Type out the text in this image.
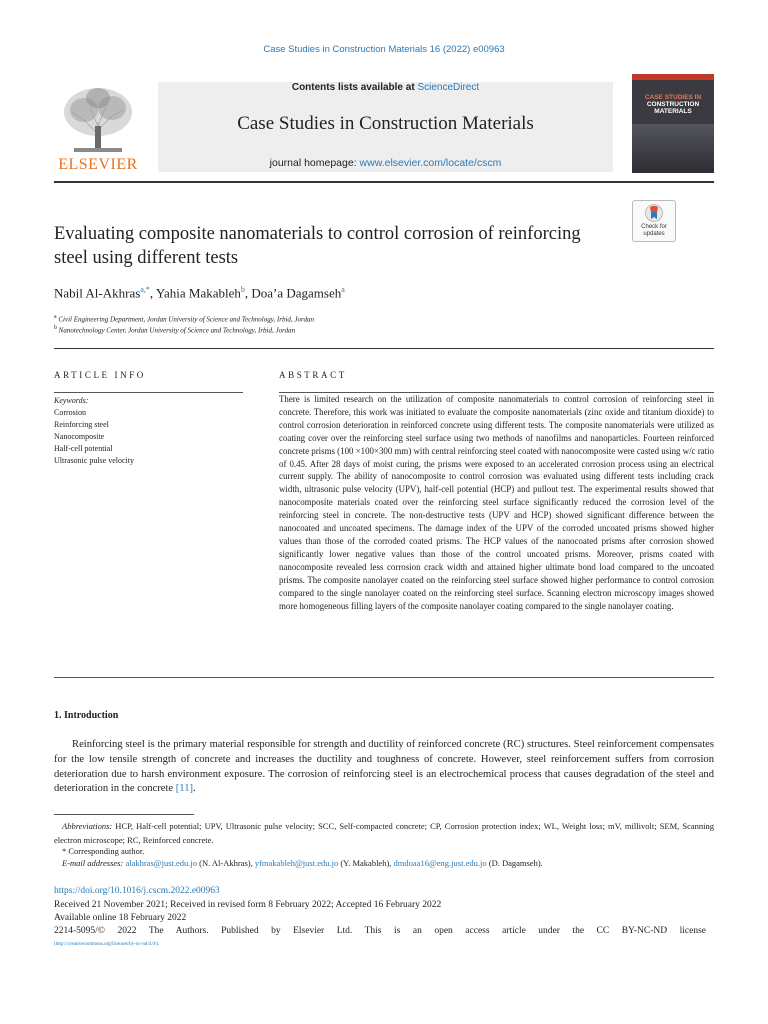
Case Studies in Construction Materials 16 (2022) e00963
ELSEVIER
Contents lists available at ScienceDirect
Case Studies in Construction Materials
journal homepage: www.elsevier.com/locate/cscm
CASE STUDIES IN
CONSTRUCTION MATERIALS
Check for updates
Evaluating composite nanomaterials to control corrosion of reinforcing steel using different tests
Nabil Al-Akhras$^{a,*}$, Yahia Makableh$^b$, Doa’a Dagamseh$^a$
$^a$ Civil Engineering Department, Jordan University of Science and Technology, Irbid, Jordan
$^b$ Nanotechnology Center, Jordan University of Science and Technology, Irbid, Jordan
ARTICLE INFO	ABSTRACT
Keywords:
Corrosion
Reinforcing steel
Nanocomposite
Half-cell potential
Ultrasonic pulse velocity
There is limited research on the utilization of composite nanomaterials to control corrosion of reinforcing steel in concrete. Therefore, this work was initiated to evaluate the composite nanomaterials (zinc oxide and titanium dioxide) to control corrosion deterioration in reinforced concrete using different tests. The composite nanomaterials were utilized as coating cover over the reinforcing steel surface using two methods of nanofilms and nanoparticles. Fourteen reinforced concrete prisms (100 ×100×300 mm) with central reinforcing steel coated with nanocomposite were casted using w/c ratio of 0.45. After 28 days of moist curing, the prisms were exposed to an accelerated corrosion process using an electrical current supply. The ability of nanocomposite to control corrosion was evaluated using different tests including crack width, ultrasonic pulse velocity (UPV), half-cell potential (HCP) and pullout test. The experimental results showed that nanocomposite materials coated over the reinforcing steel surface significantly reduced the corrosion level of the reinforcing steel in concrete. The non-destructive tests (UPV and HCP) showed significant difference between the nanocoated and uncoated specimens. The damage index of the UPV of the corroded uncoated prisms showed higher values than those of the corroded coated prisms. The HCP values of the nanocoated prisms after corrosion showed significantly lower negative values than those of the control uncoated prisms. Moreover, prisms coated with nanocomposite revealed less corrosion crack width and attained higher ultimate bond load compared to the uncoated prisms. The composite nanolayer coated on the reinforcing steel surface showed higher performance to control corrosion compared to the single nanolayer coated on the reinforcing steel surface. Scanning electron microscopy images showed more homogeneous filling layers of the composite nanolayer coating compared to the single nanolayer coating.
1. Introduction
Reinforcing steel is the primary material responsible for strength and ductility of reinforced concrete (RC) structures. Steel reinforcement compensates for the low tensile strength of concrete and increases the ductility and toughness of concrete. However, steel reinforcement suffers from corrosion deterioration due to harsh environment exposure. The corrosion of reinforcing steel is an electrochemical process that causes degradation of the steel and deterioration in the concrete [11].
Abbreviations: HCP, Half-cell potential; UPV, Ultrasonic pulse velocity; SCC, Self-compacted concrete; CP, Corrosion protection index; WL, Weight loss; mV, millivolt; SEM, Scanning electron microscope; RC, Reinforced concrete.
* Corresponding author.
E-mail addresses: alakhras@just.edu.jo (N. Al-Akhras), yfmakableh@just.edu.jo (Y. Makableh), dmdoaa16@eng.just.edu.jo (D. Dagamseh).
https://doi.org/10.1016/j.cscm.2022.e00963
Received 21 November 2021; Received in revised form 8 February 2022; Accepted 16 February 2022
Available online 18 February 2022
2214-5095/© 2022 The Authors. Published by Elsevier Ltd. This is an open access article under the CC BY-NC-ND license
(http://creativecommons.org/licenses/by-nc-nd/4.0/).
